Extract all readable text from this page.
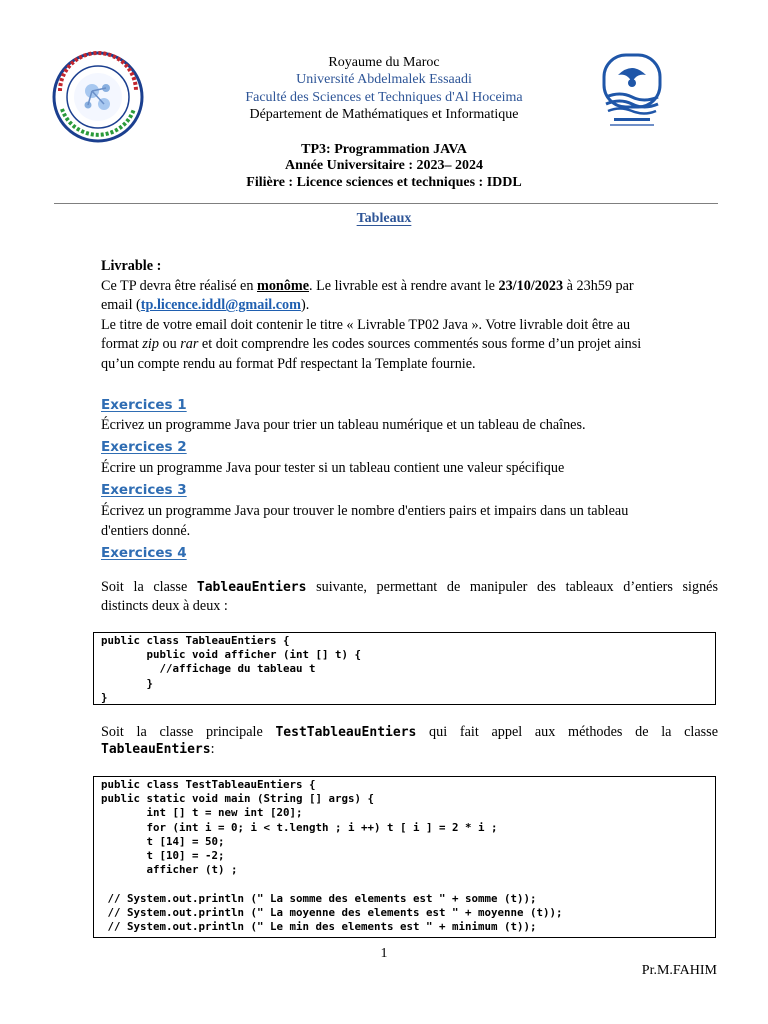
Royaume du Maroc
Université Abdelmalek Essaadi
Faculté des Sciences et Techniques d'Al Hoceima
Département de Mathématiques et Informatique
TP3: Programmation JAVA
Année Universitaire : 2023– 2024
Filière : Licence sciences et techniques : IDDL
Tableaux
Livrable :
Ce TP devra être réalisé en monôme. Le livrable est à rendre avant le 23/10/2023 à 23h59 par
email (tp.licence.iddl@gmail.com).
Le titre de votre email doit contenir le titre « Livrable TP02 Java ». Votre livrable doit être au
format zip ou rar et doit comprendre les codes sources commentés sous forme d’un projet ainsi
qu’un compte rendu au format Pdf respectant la Template fournie.
Exercices 1
Écrivez un programme Java pour trier un tableau numérique et un tableau de chaînes.
Exercices 2
Écrire un programme Java pour tester si un tableau contient une valeur spécifique
Exercices 3
Écrivez un programme Java pour trouver le nombre d'entiers pairs et impairs dans un tableau
d'entiers donné.
Exercices 4
Soit la classe TableauEntiers suivante, permettant de manipuler des tableaux d’entiers signés
distincts deux à deux :
public class TableauEntiers {
public void afficher (int [] t) {
//affichage du tableau t
}
}
Soit la classe principale TestTableauEntiers qui fait appel aux méthodes de la classe
TableauEntiers:
public class TestTableauEntiers {
public static void main (String [] args) {
int [] t = new int [20];
for (int i = 0; i < t.length ; i ++) t [ i ] = 2 * i ;
t [14] = 50;
t [10] = -2;
afficher (t) ;

// System.out.println (" La somme des elements est " + somme (t));
// System.out.println (" La moyenne des elements est " + moyenne (t));
// System.out.println (" Le min des elements est " + minimum (t));
1
Pr.M.FAHIM
